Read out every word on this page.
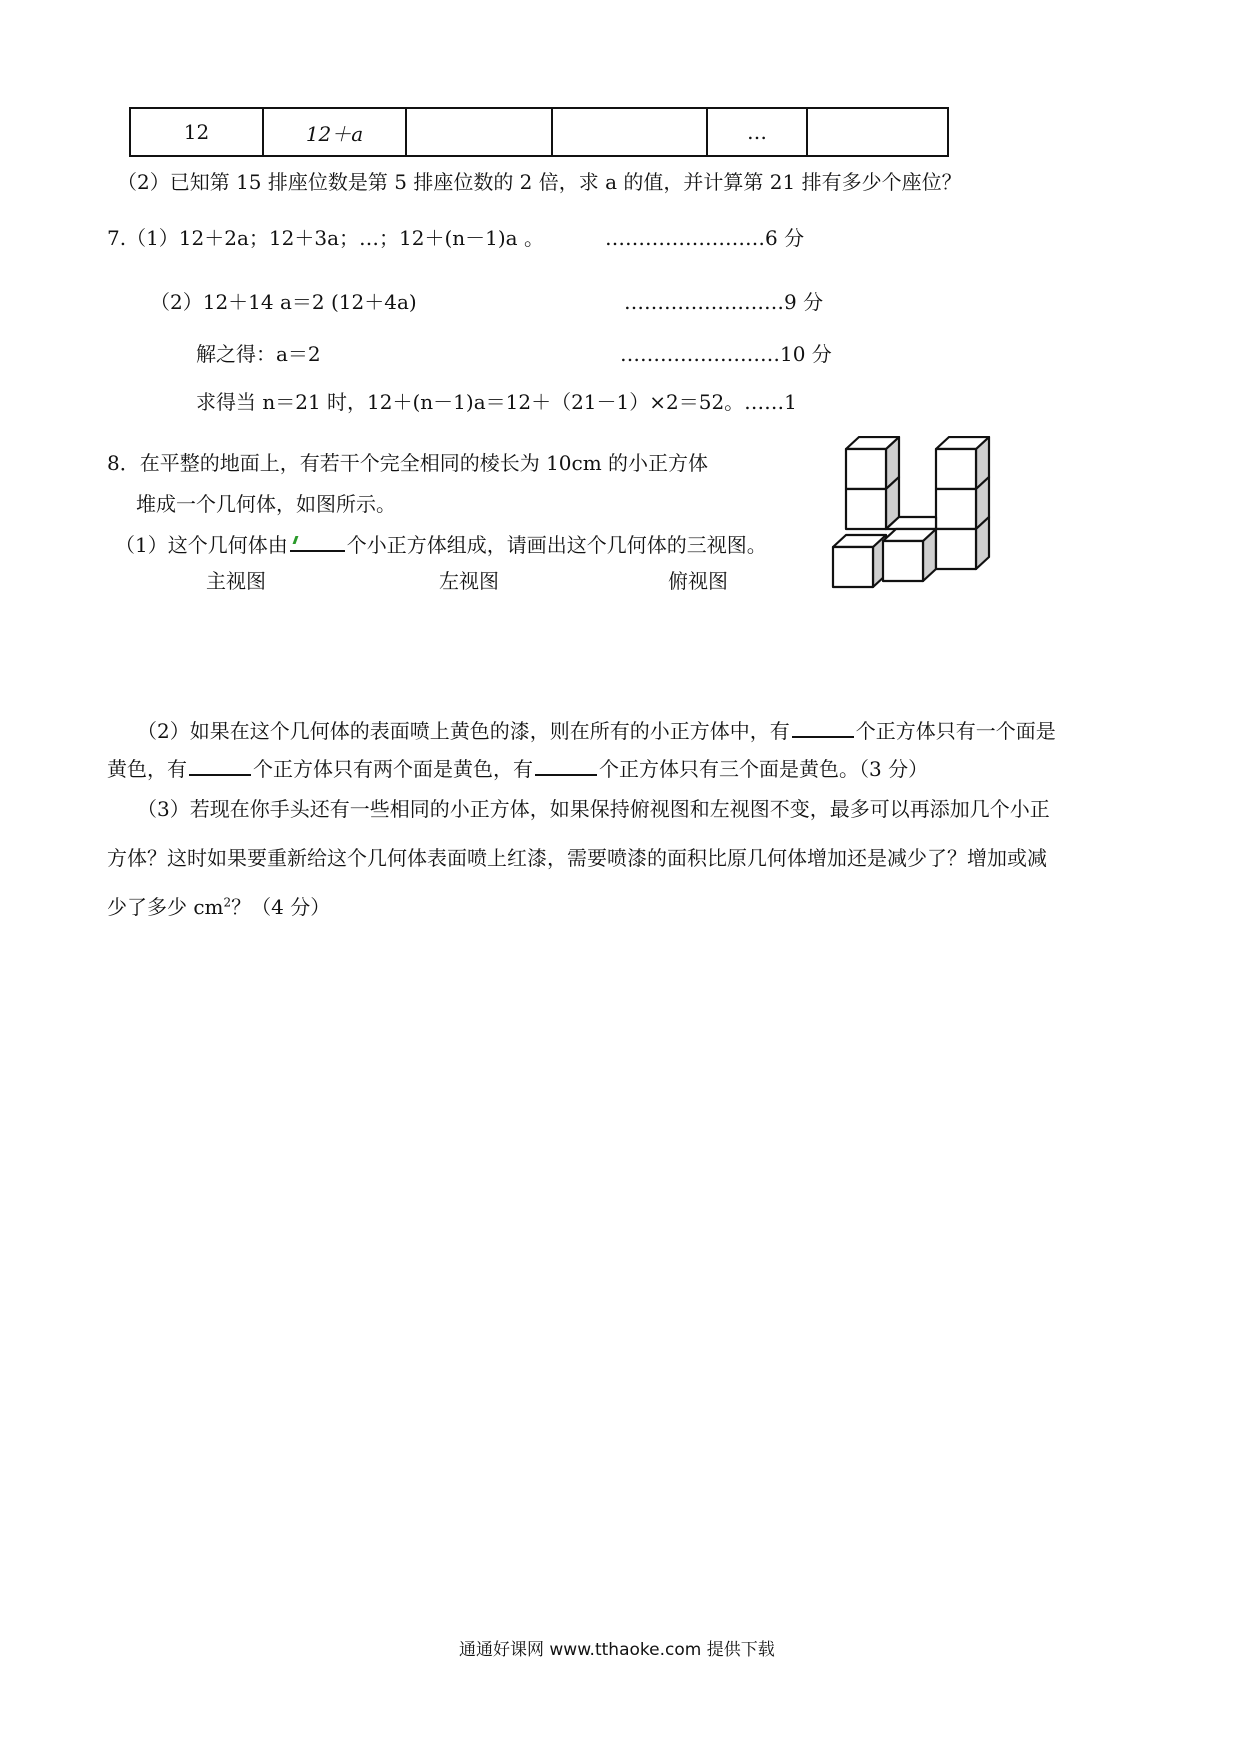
12	12＋a			…	
（2）已知第 15 排座位数是第 5 排座位数的 2 倍，求 a 的值，并计算第 21 排有多少个座位？
7.（1）12＋2a；12＋3a；…；12＋(n－1)a 。	……………………6 分
（2）12＋14 a＝2 (12＋4a)	……………………9 分
解之得：a＝2	……………………10 分
求得当 n＝21 时，12＋(n－1)a＝12＋（21－1）×2＝52。……1
8．在平整的地面上，有若干个完全相同的棱长为 10cm 的小正方体
堆成一个几何体，如图所示。
（1）这个几何体由	个小正方体组成，请画出这个几何体的三视图。
主视图	左视图	俯视图
（2）如果在这个几何体的表面喷上黄色的漆，则在所有的小正方体中，有	个正方体只有一个面是
黄色，有	个正方体只有两个面是黄色，有	个正方体只有三个面是黄色。（3 分）
（3）若现在你手头还有一些相同的小正方体，如果保持俯视图和左视图不变，最多可以再添加几个小正
方体？这时如果要重新给这个几何体表面喷上红漆，需要喷漆的面积比原几何体增加还是减少了？增加或减
少了多少 $cm^2$？（4 分）
通通好课网 www.tthaoke.com 提供下载
